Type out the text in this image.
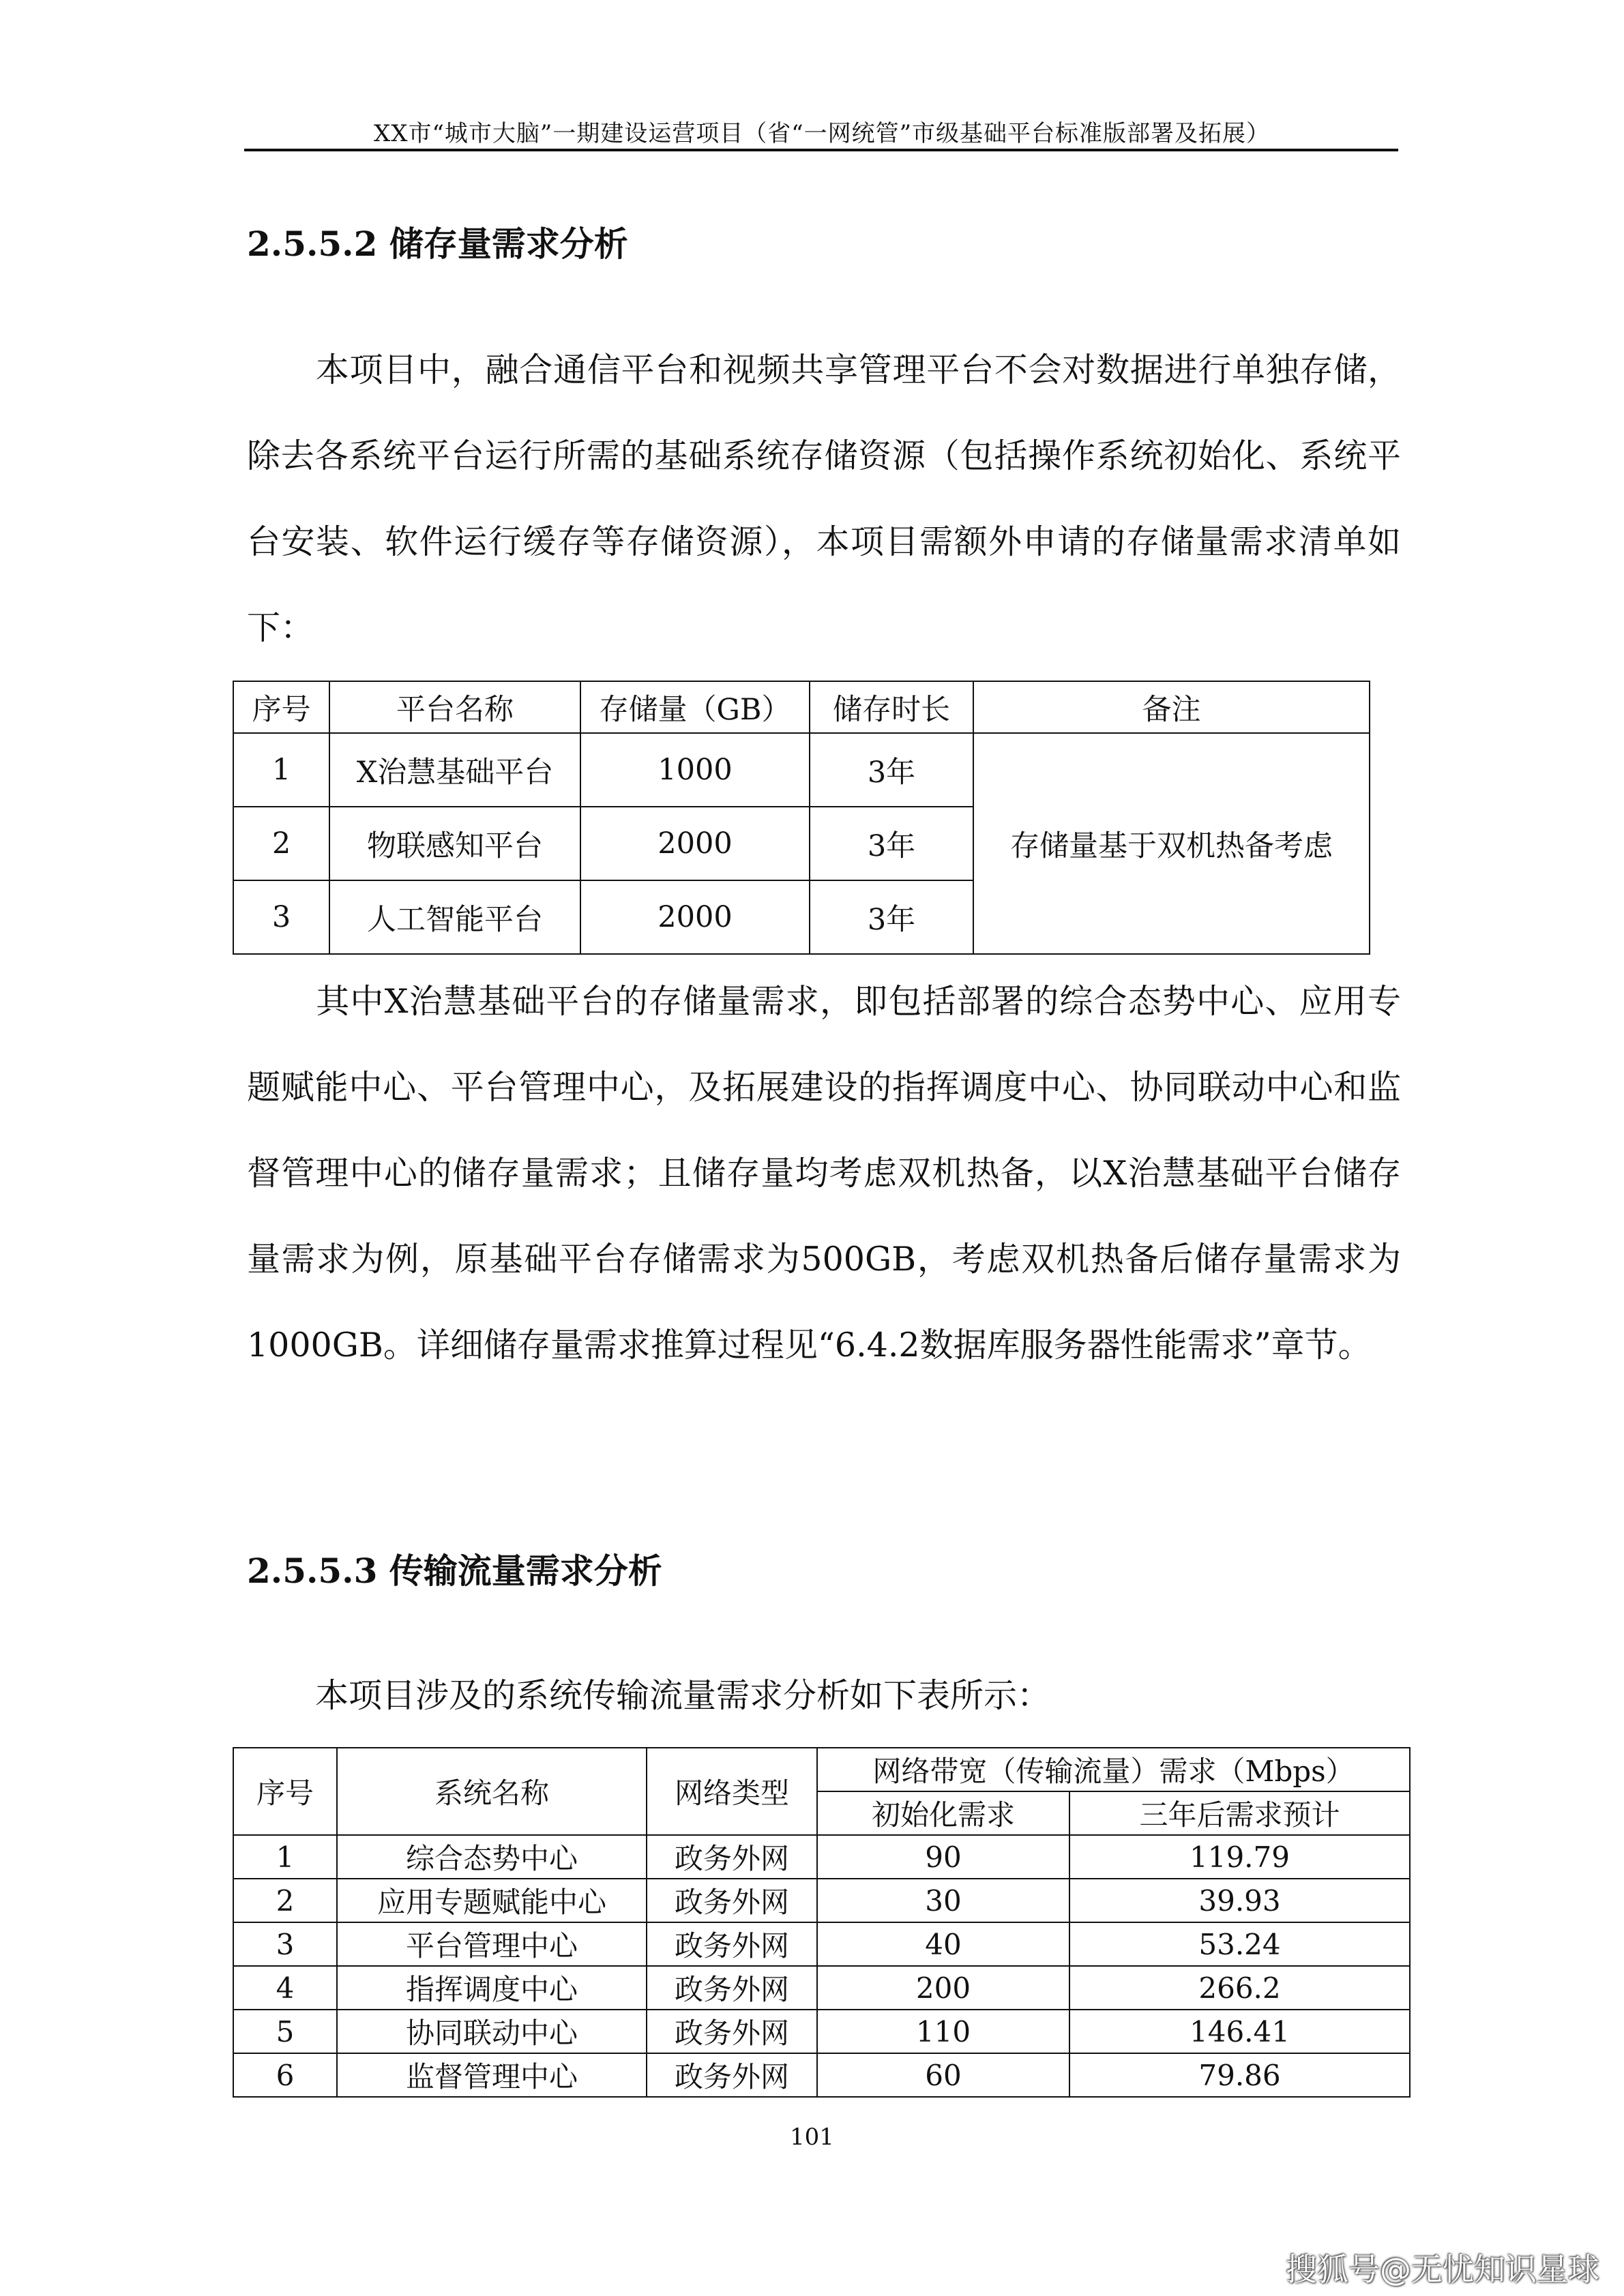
XX市“城市大脑”一期建设运营项目（省“一网统管”市级基础平台标准版部署及拓展）
2.5.5.2 储存量需求分析

本项目中，融合通信平台和视频共享管理平台不会对数据进行单独存储，除去各系统平台运行所需的基础系统存储资源（包括操作系统初始化、系统平台安装、软件运行缓存等存储资源），本项目需额外申请的存储量需求清单如下：

序号	平台名称	存储量（GB）	储存时长	备注
1	X治慧基础平台	1000	3年	存储量基于双机热备考虑
2	物联感知平台	2000	3年	
3	人工智能平台	2000	3年	

其中X治慧基础平台的存储量需求，即包括部署的综合态势中心、应用专题赋能中心、平台管理中心，及拓展建设的指挥调度中心、协同联动中心和监督管理中心的储存量需求；且储存量均考虑双机热备，以X治慧基础平台储存量需求为例，原基础平台存储需求为500GB，考虑双机热备后储存量需求为1000GB。详细储存量需求推算过程见“6.4.2数据库服务器性能需求”章节。

2.5.5.3 传输流量需求分析

本项目涉及的系统传输流量需求分析如下表所示：

序号	系统名称	网络类型	网络带宽（传输流量）需求（Mbps）	
			初始化需求	三年后需求预计
1	综合态势中心	政务外网	90	119.79
2	应用专题赋能中心	政务外网	30	39.93
3	平台管理中心	政务外网	40	53.24
4	指挥调度中心	政务外网	200	266.2
5	协同联动中心	政务外网	110	146.41
6	监督管理中心	政务外网	60	79.86
101
搜狐号@无忧知识星球
